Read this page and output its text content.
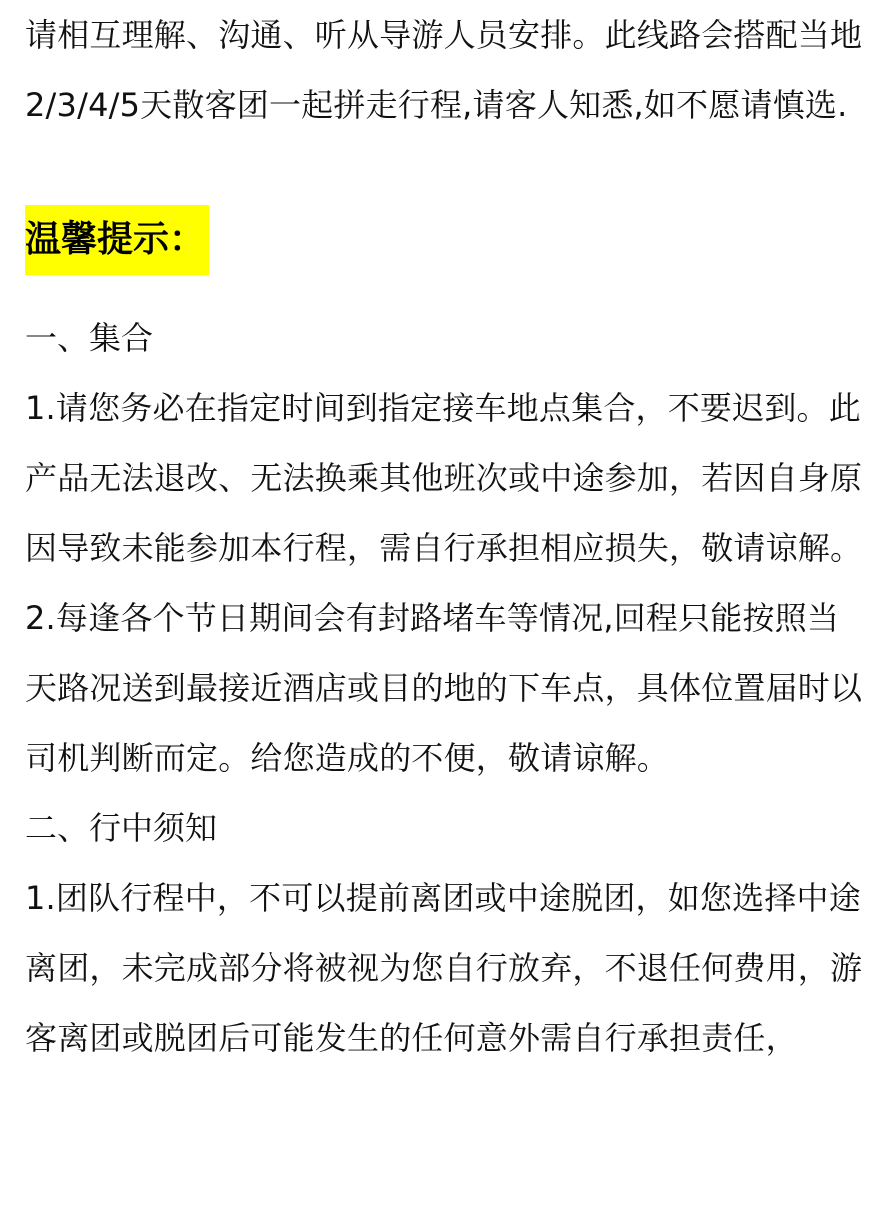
请相互理解、沟通、听从导游人员安排。此线路会搭配当地2/3/4/5天散客团一起拼走行程,请客人知悉,如不愿请慎选.

温馨提示：

一、集合

1.请您务必在指定时间到指定接车地点集合，不要迟到。此产品无法退改、无法换乘其他班次或中途参加，若因自身原因导致未能参加本行程，需自行承担相应损失，敬请谅解。

2.每逢各个节日期间会有封路堵车等情况,回程只能按照当天路况送到最接近酒店或目的地的下车点，具体位置届时以司机判断而定。给您造成的不便，敬请谅解。

二、行中须知

1.团队行程中，不可以提前离团或中途脱团，如您选择中途离团，未完成部分将被视为您自行放弃，不退任何费用，游客离团或脱团后可能发生的任何意外需自行承担责任，
